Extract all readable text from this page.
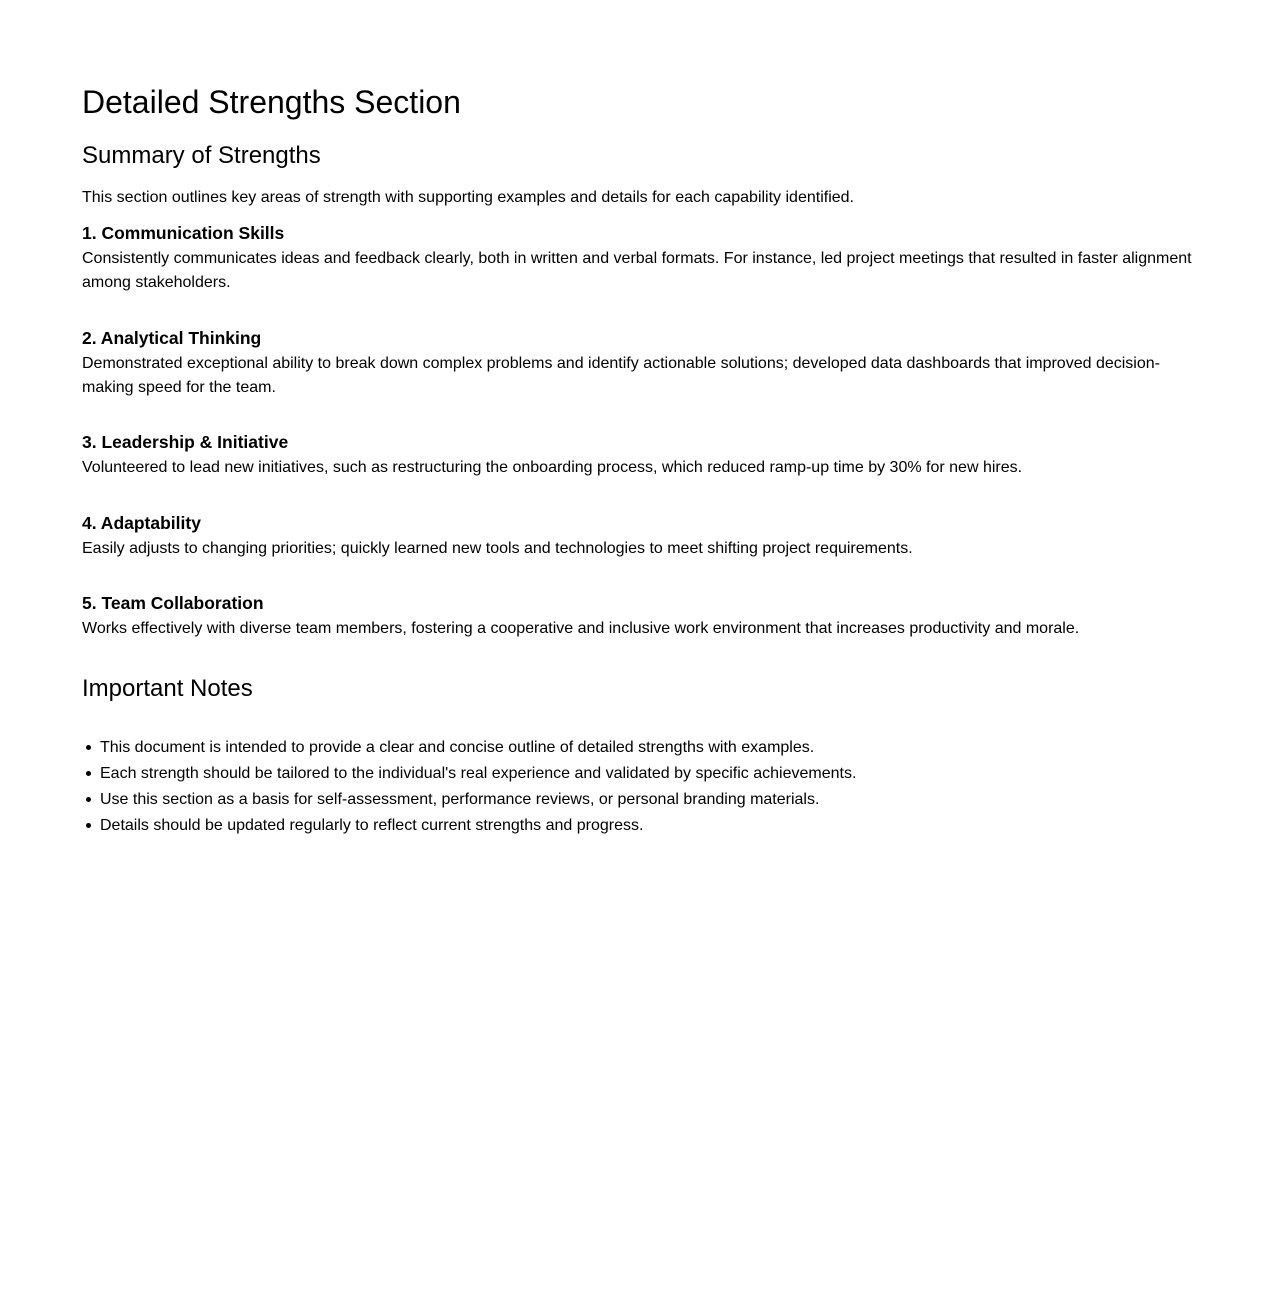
Detailed Strengths Section
Summary of Strengths

This section outlines key areas of strength with supporting examples and details for each capability identified.

1. Communication Skills

Consistently communicates ideas and feedback clearly, both in written and verbal formats. For instance, led project meetings that resulted in faster alignment among stakeholders.

2. Analytical Thinking

Demonstrated exceptional ability to break down complex problems and identify actionable solutions; developed data dashboards that improved decision-making speed for the team.

3. Leadership & Initiative

Volunteered to lead new initiatives, such as restructuring the onboarding process, which reduced ramp-up time by 30% for new hires.

4. Adaptability

Easily adjusts to changing priorities; quickly learned new tools and technologies to meet shifting project requirements.

5. Team Collaboration

Works effectively with diverse team members, fostering a cooperative and inclusive work environment that increases productivity and morale.

Important Notes
This document is intended to provide a clear and concise outline of detailed strengths with examples.
Each strength should be tailored to the individual's real experience and validated by specific achievements.
Use this section as a basis for self-assessment, performance reviews, or personal branding materials.
Details should be updated regularly to reflect current strengths and progress.
